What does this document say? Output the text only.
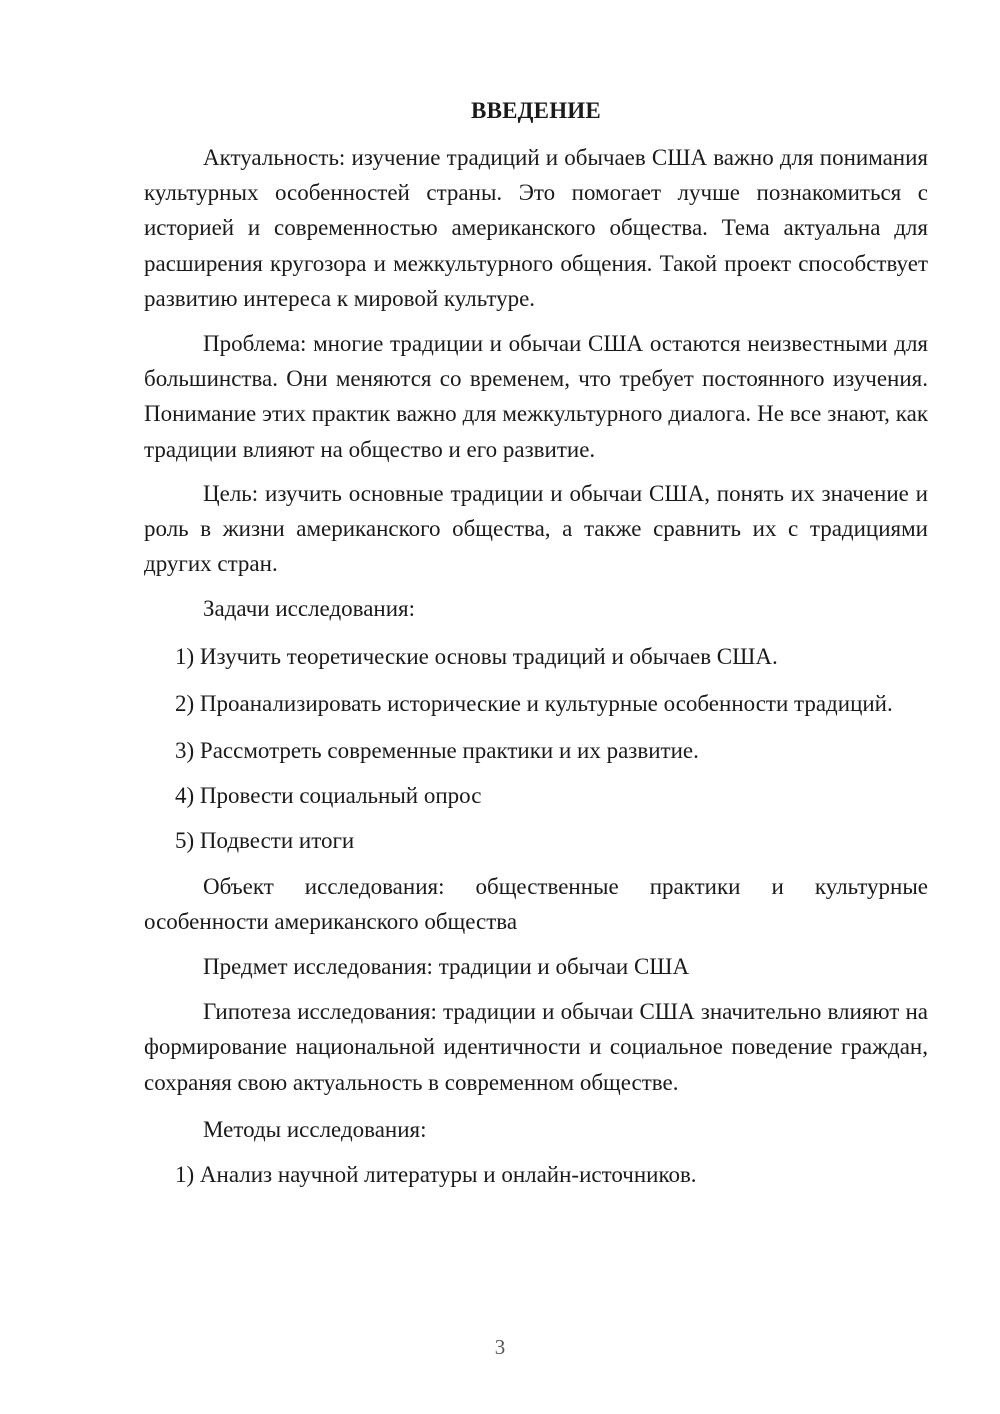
ВВЕДЕНИЕ

Актуальность: изучение традиций и обычаев США важно для понимания культурных особенностей страны. Это помогает лучше познакомиться с историей и современностью американского общества. Тема актуальна для расширения кругозора и межкультурного общения. Такой проект способствует развитию интереса к мировой культуре.

Проблема: многие традиции и обычаи США остаются неизвестными для большинства. Они меняются со временем, что требует постоянного изучения. Понимание этих практик важно для межкультурного диалога. Не все знают, как традиции влияют на общество и его развитие.

Цель: изучить основные традиции и обычаи США, понять их значение и роль в жизни американского общества, а также сравнить их с традициями других стран.

Задачи исследования:

1) Изучить теоретические основы традиций и обычаев США.

2) Проанализировать исторические и культурные особенности традиций.

3) Рассмотреть современные практики и их развитие.

4) Провести социальный опрос

5) Подвести итоги

Объект исследования: общественные практики и культурные особенности американского общества

Предмет исследования: традиции и обычаи США

Гипотеза исследования: традиции и обычаи США значительно влияют на формирование национальной идентичности и социальное поведение граждан, сохраняя свою актуальность в современном обществе.

Методы исследования:

1) Анализ научной литературы и онлайн-источников.

3
